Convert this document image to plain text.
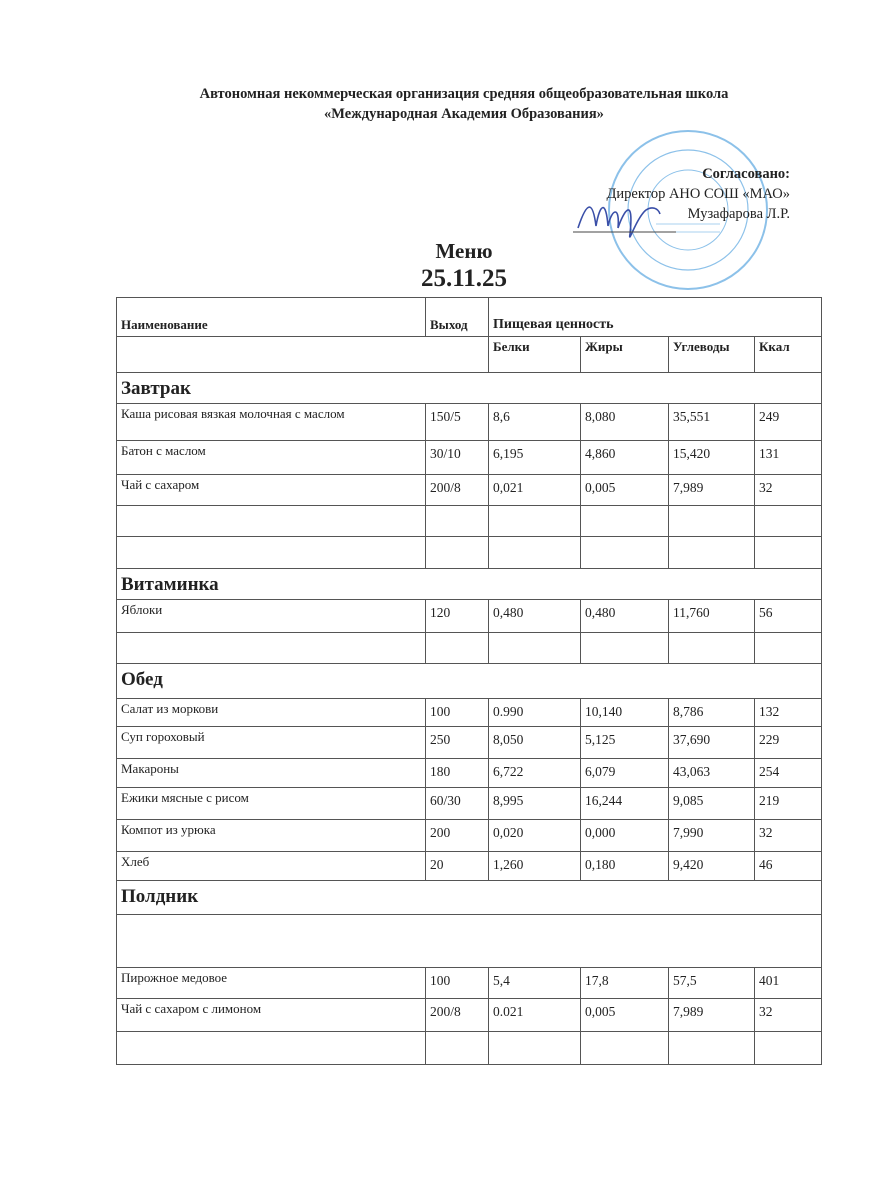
Автономная некоммерческая организация средняя общеобразовательная школа
«Международная Академия Образования»
Согласовано:
Директор АНО СОШ «МАО»
Музафарова Л.Р.
Меню
25.11.25
Наименование	Выход	Пищевая ценность			
		Белки	Жиры	Углеводы	Ккал
Завтрак					
Каша рисовая вязкая молочная с маслом	150/5	8,6	8,080	35,551	249
Батон с маслом	30/10	6,195	4,860	15,420	131
Чай с сахаром	200/8	0,021	0,005	7,989	32

Витаминка					
Яблоки	120	0,480	0,480	11,760	56

Обед					
Салат из моркови	100	0.990	10,140	8,786	132
Суп гороховый	250	8,050	5,125	37,690	229
Макароны	180	6,722	6,079	43,063	254
Ежики мясные с рисом	60/30	8,995	16,244	9,085	219
Компот из урюка	200	0,020	0,000	7,990	32
Хлеб	20	1,260	0,180	9,420	46
Полдник					

Пирожное медовое	100	5,4	17,8	57,5	401
Чай с сахаром с лимоном	200/8	0.021	0,005	7,989	32
